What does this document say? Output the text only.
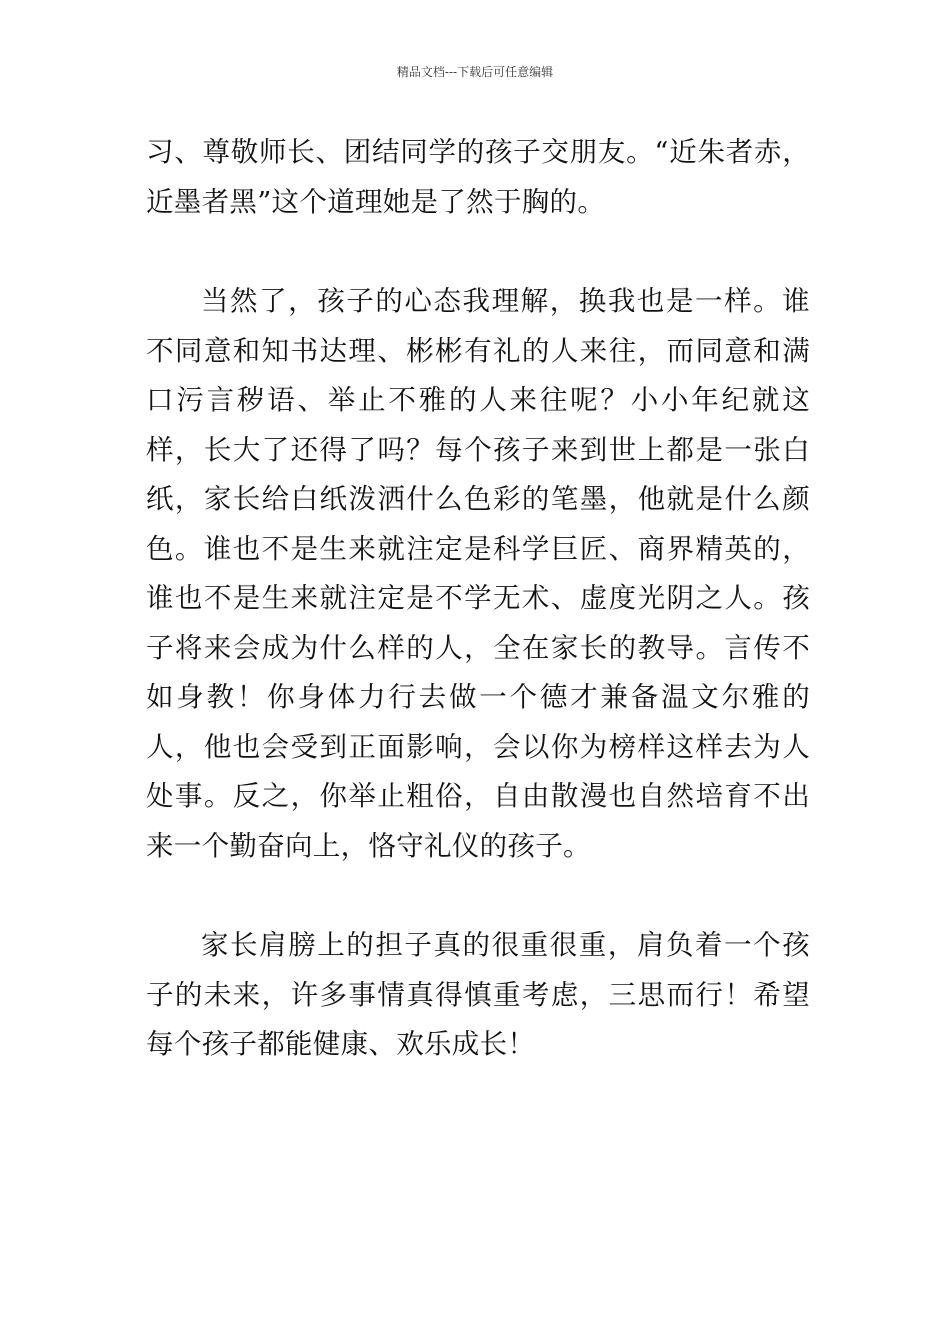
精品文档---下载后可任意编辑

习、尊敬师长、团结同学的孩子交朋友。“近朱者赤，近墨者黑”这个道理她是了然于胸的。

当然了，孩子的心态我理解，换我也是一样。谁不同意和知书达理、彬彬有礼的人来往，而同意和满口污言秽语、举止不雅的人来往呢？小小年纪就这样，长大了还得了吗？每个孩子来到世上都是一张白纸，家长给白纸泼洒什么色彩的笔墨，他就是什么颜色。谁也不是生来就注定是科学巨匠、商界精英的，谁也不是生来就注定是不学无术、虚度光阴之人。孩子将来会成为什么样的人，全在家长的教导。言传不如身教！你身体力行去做一个德才兼备温文尔雅的人，他也会受到正面影响，会以你为榜样这样去为人处事。反之，你举止粗俗，自由散漫也自然培育不出来一个勤奋向上，恪守礼仪的孩子。

家长肩膀上的担子真的很重很重，肩负着一个孩子的未来，许多事情真得慎重考虑，三思而行！希望每个孩子都能健康、欢乐成长！
